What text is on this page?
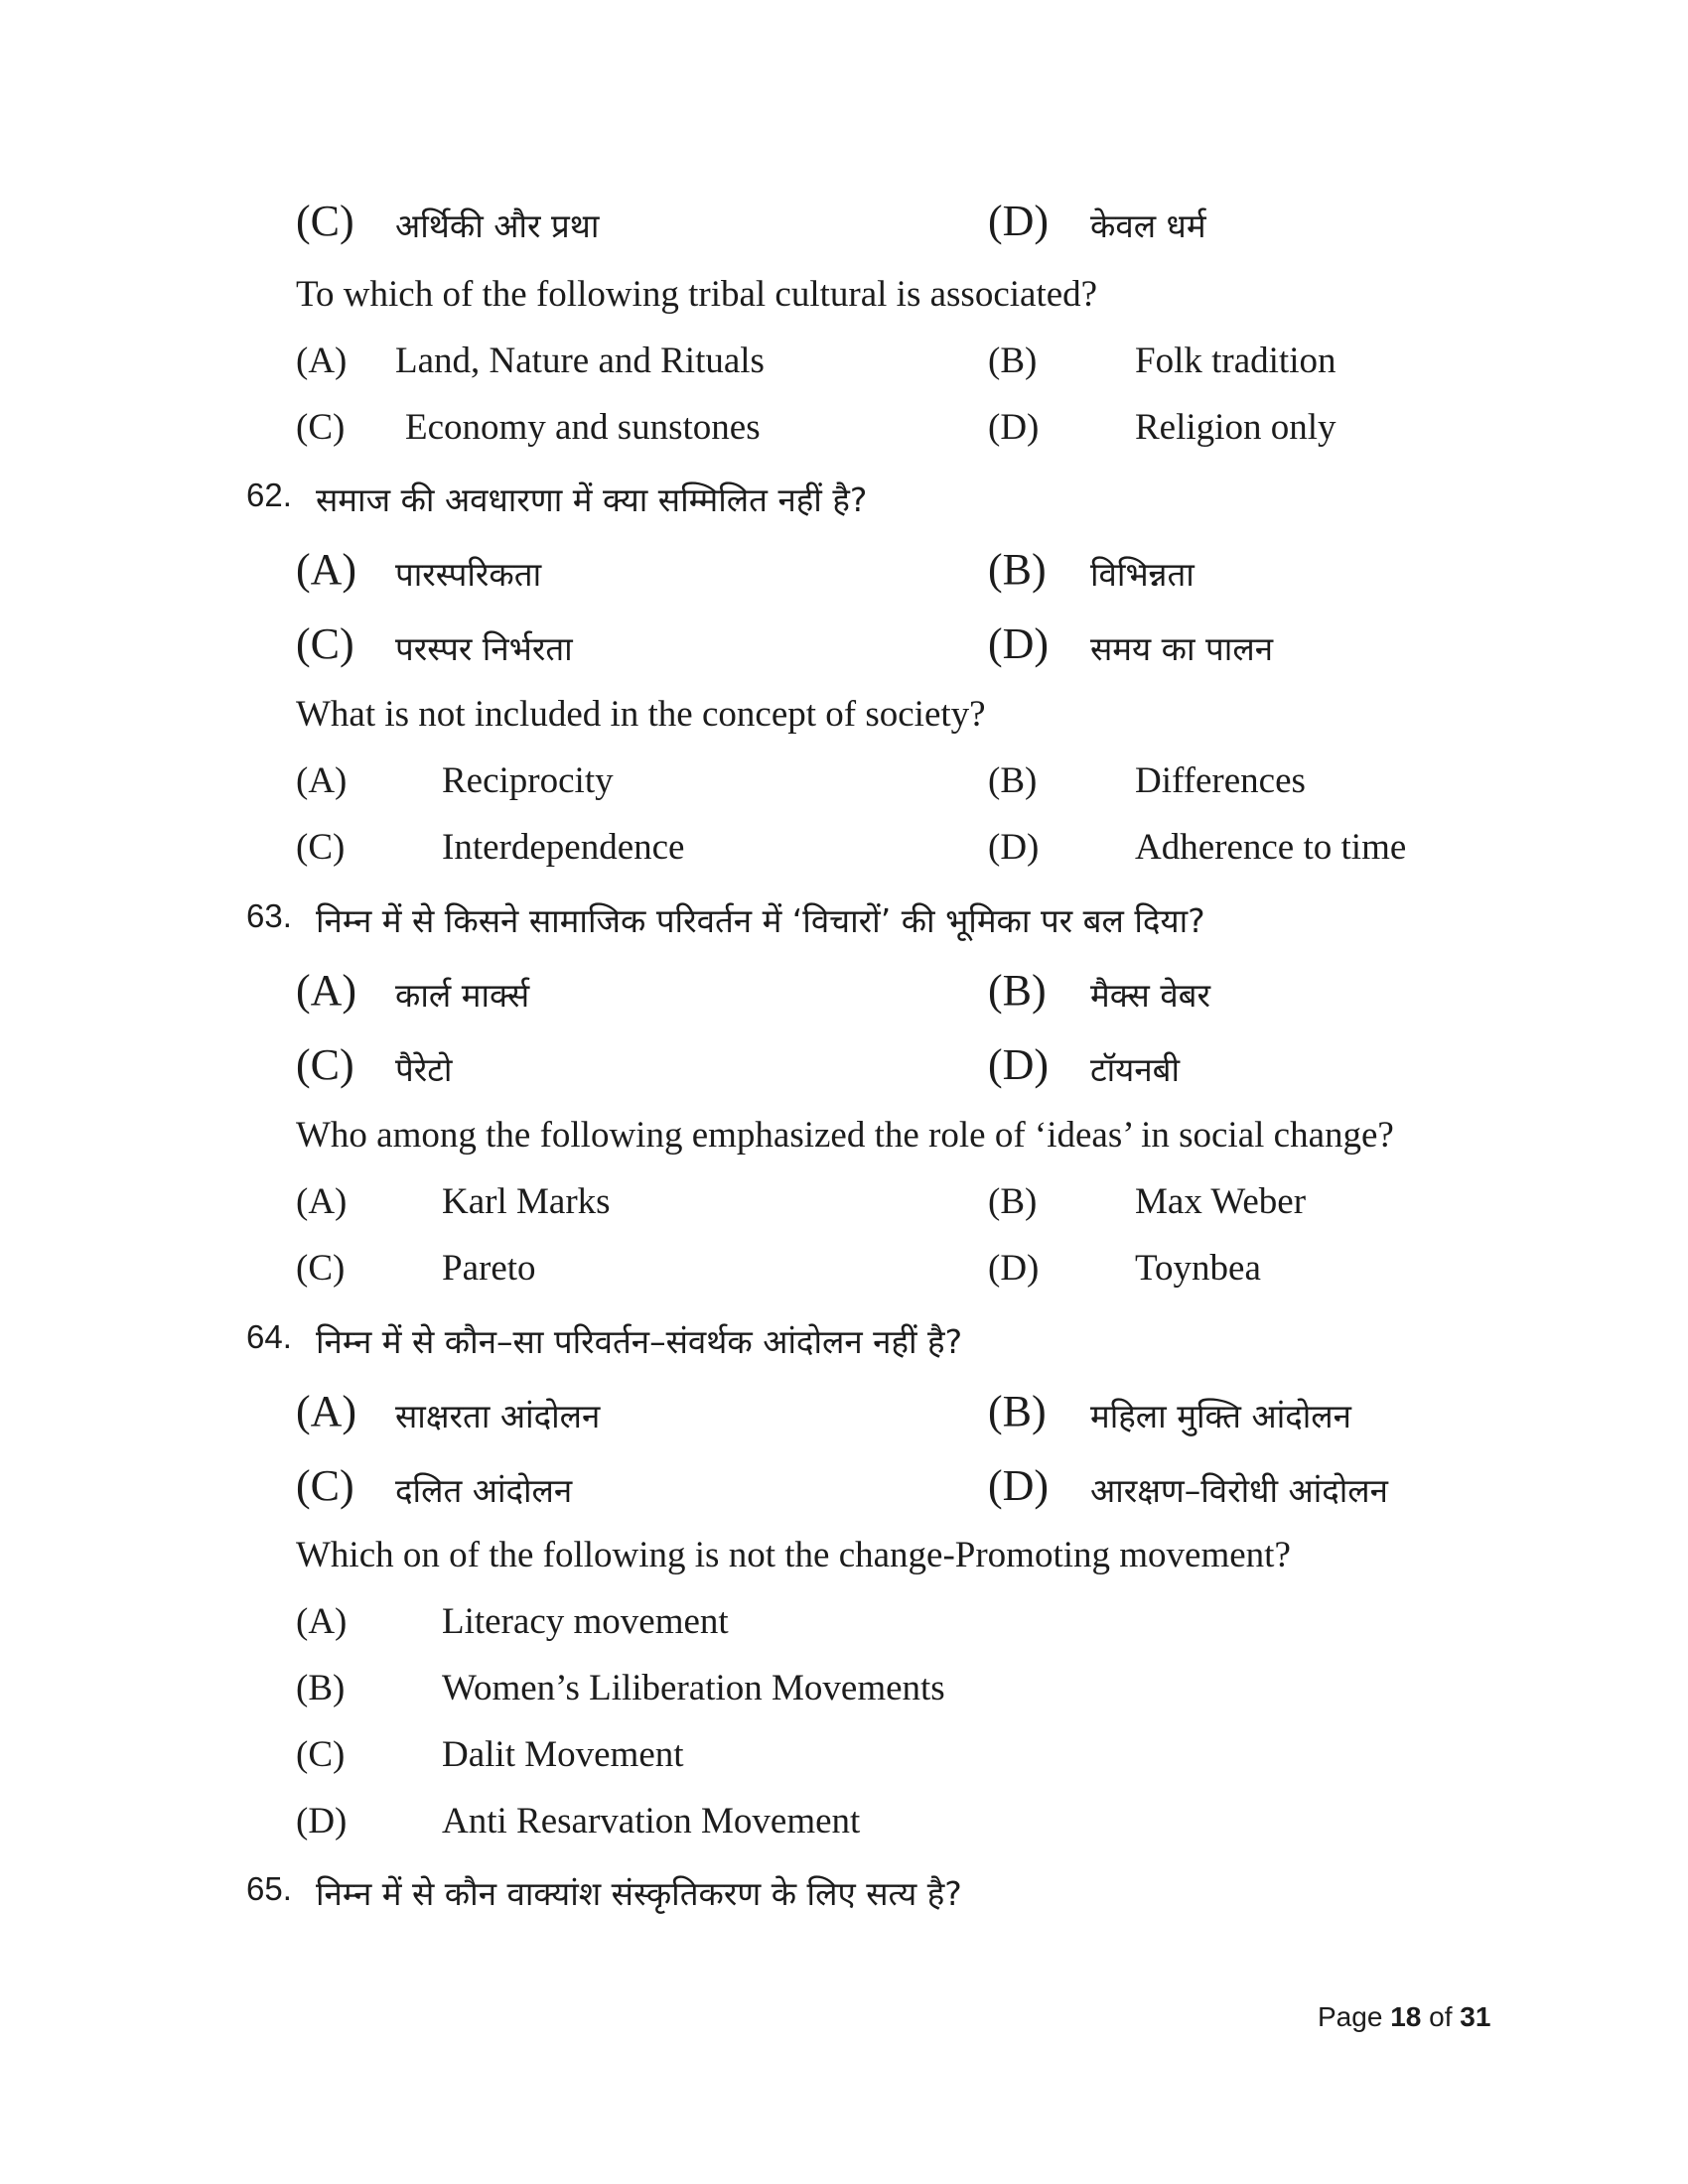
(C) अर्थिकी और प्रथा	(D) केवल धर्म
To which of the following tribal cultural is associated?
(A) Land, Nature and Rituals	(B)	Folk tradition
(C) Economy and sunstones	(D)	Religion only
62. समाज की अवधारणा में क्या सम्मिलित नहीं है?
(A) पारस्परिकता	(B) विभिन्नता
(C) परस्पर निर्भरता	(D) समय का पालन
What is not included in the concept of society?
(A)	Reciprocity	(B)	Differences
(C)	Interdependence	(D)	Adherence to time
63. निम्न में से किसने सामाजिक परिवर्तन में ‘विचारों’ की भूमिका पर बल दिया?
(A) कार्ल मार्क्स	(B) मैक्स वेबर
(C) पैरेटो	(D) टॉयनबी
Who among the following emphasized the role of ‘ideas’ in social change?
(A)	Karl Marks	(B)	Max Weber
(C)	Pareto	(D)	Toynbea
64. निम्न में से कौन–सा परिवर्तन–संवर्थक आंदोलन नहीं है?
(A) साक्षरता आंदोलन	(B) महिला मुक्ति आंदोलन
(C) दलित आंदोलन	(D) आरक्षण–विरोधी आंदोलन
Which on of the following is not the change-Promoting movement?
(A)	Literacy movement
(B)	Women’s Liliberation Movements
(C)	Dalit Movement
(D)	Anti Resarvation Movement
65. निम्न में से कौन वाक्यांश संस्कृतिकरण के लिए सत्य है?
Page 18 of 31
